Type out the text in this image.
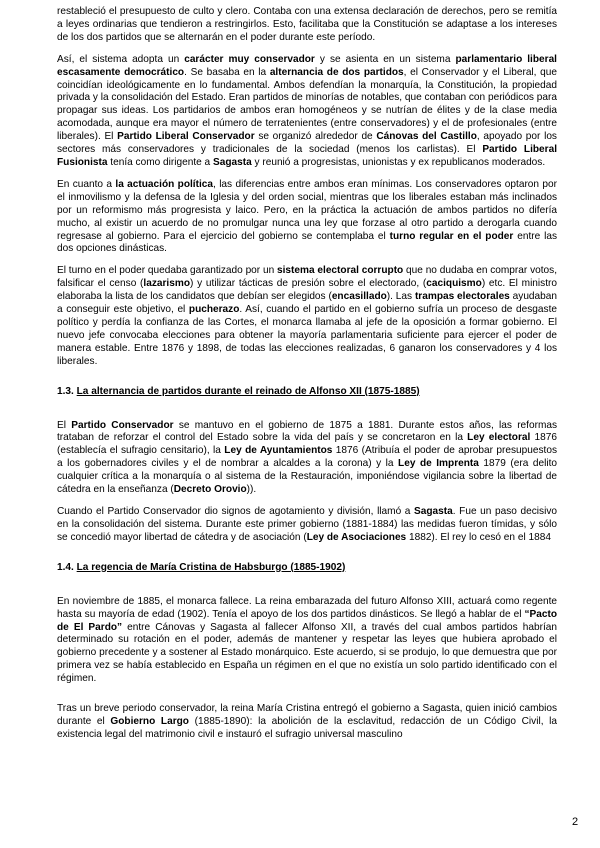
restableció el presupuesto de culto y clero. Contaba con una extensa declaración de derechos, pero se remitía a leyes ordinarias que tendieron a restringirlos. Esto, facilitaba que la Constitución se adaptase a los intereses de los dos partidos que se alternarán en el poder durante este período.

Así, el sistema adopta un carácter muy conservador y se asienta en un sistema parlamentario liberal escasamente democrático. Se basaba en la alternancia de dos partidos, el Conservador y el Liberal, que coincidían ideológicamente en lo fundamental. Ambos defendían la monarquía, la Constitución, la propiedad privada y la consolidación del Estado. Eran partidos de minorías de notables, que contaban con periódicos para propagar sus ideas. Los partidarios de ambos eran homogéneos y se nutrían de élites y de la clase media acomodada, aunque era mayor el número de terratenientes (entre conservadores) y el de profesionales (entre liberales). El Partido Liberal Conservador se organizó alrededor de Cánovas del Castillo, apoyado por los sectores más conservadores y tradicionales de la sociedad (menos los carlistas). El Partido Liberal Fusionista tenía como dirigente a Sagasta y reunió a progresistas, unionistas y ex republicanos moderados.

En cuanto a la actuación política, las diferencias entre ambos eran mínimas. Los conservadores optaron por el inmovilismo y la defensa de la Iglesia y del orden social, mientras que los liberales estaban más inclinados por un reformismo más progresista y laico. Pero, en la práctica la actuación de ambos partidos no difería mucho, al existir un acuerdo de no promulgar nunca una ley que forzase al otro partido a derogarla cuando regresase al gobierno. Para el ejercicio del gobierno se contemplaba el turno regular en el poder entre las dos opciones dinásticas.

El turno en el poder quedaba garantizado por un sistema electoral corrupto que no dudaba en comprar votos, falsificar el censo (lazarismo) y utilizar tácticas de presión sobre el electorado, (caciquismo) etc. El ministro elaboraba la lista de los candidatos que debían ser elegidos (encasillado). Las trampas electorales ayudaban a conseguir este objetivo, el pucherazo. Así, cuando el partido en el gobierno sufría un proceso de desgaste político y perdía la confianza de las Cortes, el monarca llamaba al jefe de la oposición a formar gobierno. El nuevo jefe convocaba elecciones para obtener la mayoría parlamentaria suficiente para ejercer el poder de manera estable. Entre 1876 y 1898, de todas las elecciones realizadas, 6 ganaron los conservadores y 4 los liberales.

1.3. La alternancia de partidos durante el reinado de Alfonso XII (1875-1885)

El Partido Conservador se mantuvo en el gobierno de 1875 a 1881. Durante estos años, las reformas trataban de reforzar el control del Estado sobre la vida del país y se concretaron en la Ley electoral 1876 (establecía el sufragio censitario), la Ley de Ayuntamientos 1876 (Atribuía el poder de aprobar presupuestos a los gobernadores civiles y el de nombrar a alcaldes a la corona) y la Ley de Imprenta 1879 (era delito cualquier crítica a la monarquía o al sistema de la Restauración, imponiéndose vigilancia sobre la libertad de cátedra en la enseñanza (Decreto Orovio)).

Cuando el Partido Conservador dio signos de agotamiento y división, llamó a Sagasta. Fue un paso decisivo en la consolidación del sistema. Durante este primer gobierno (1881-1884) las medidas fueron tímidas, y sólo se concedió mayor libertad de cátedra y de asociación (Ley de Asociaciones 1882). El rey lo cesó en el 1884

1.4. La regencia de María Cristina de Habsburgo (1885-1902)

En noviembre de 1885, el monarca fallece. La reina embarazada del futuro Alfonso XIII, actuará como regente hasta su mayoría de edad (1902). Tenía el apoyo de los dos partidos dinásticos. Se llegó a hablar de el “Pacto de El Pardo” entre Cánovas y Sagasta al fallecer Alfonso XII, a través del cual ambos partidos habrían determinado su rotación en el poder, además de mantener y respetar las leyes que hubiera aprobado el gobierno precedente y a sostener al Estado monárquico. Este acuerdo, si se produjo, lo que demuestra que por primera vez se había establecido en España un régimen en el que no existía un solo partido identificado con el régimen.

Tras un breve periodo conservador, la reina María Cristina entregó el gobierno a Sagasta, quien inició cambios durante el Gobierno Largo (1885-1890): la abolición de la esclavitud, redacción de un Código Civil, la existencia legal del matrimonio civil e instauró el sufragio universal masculino

2
